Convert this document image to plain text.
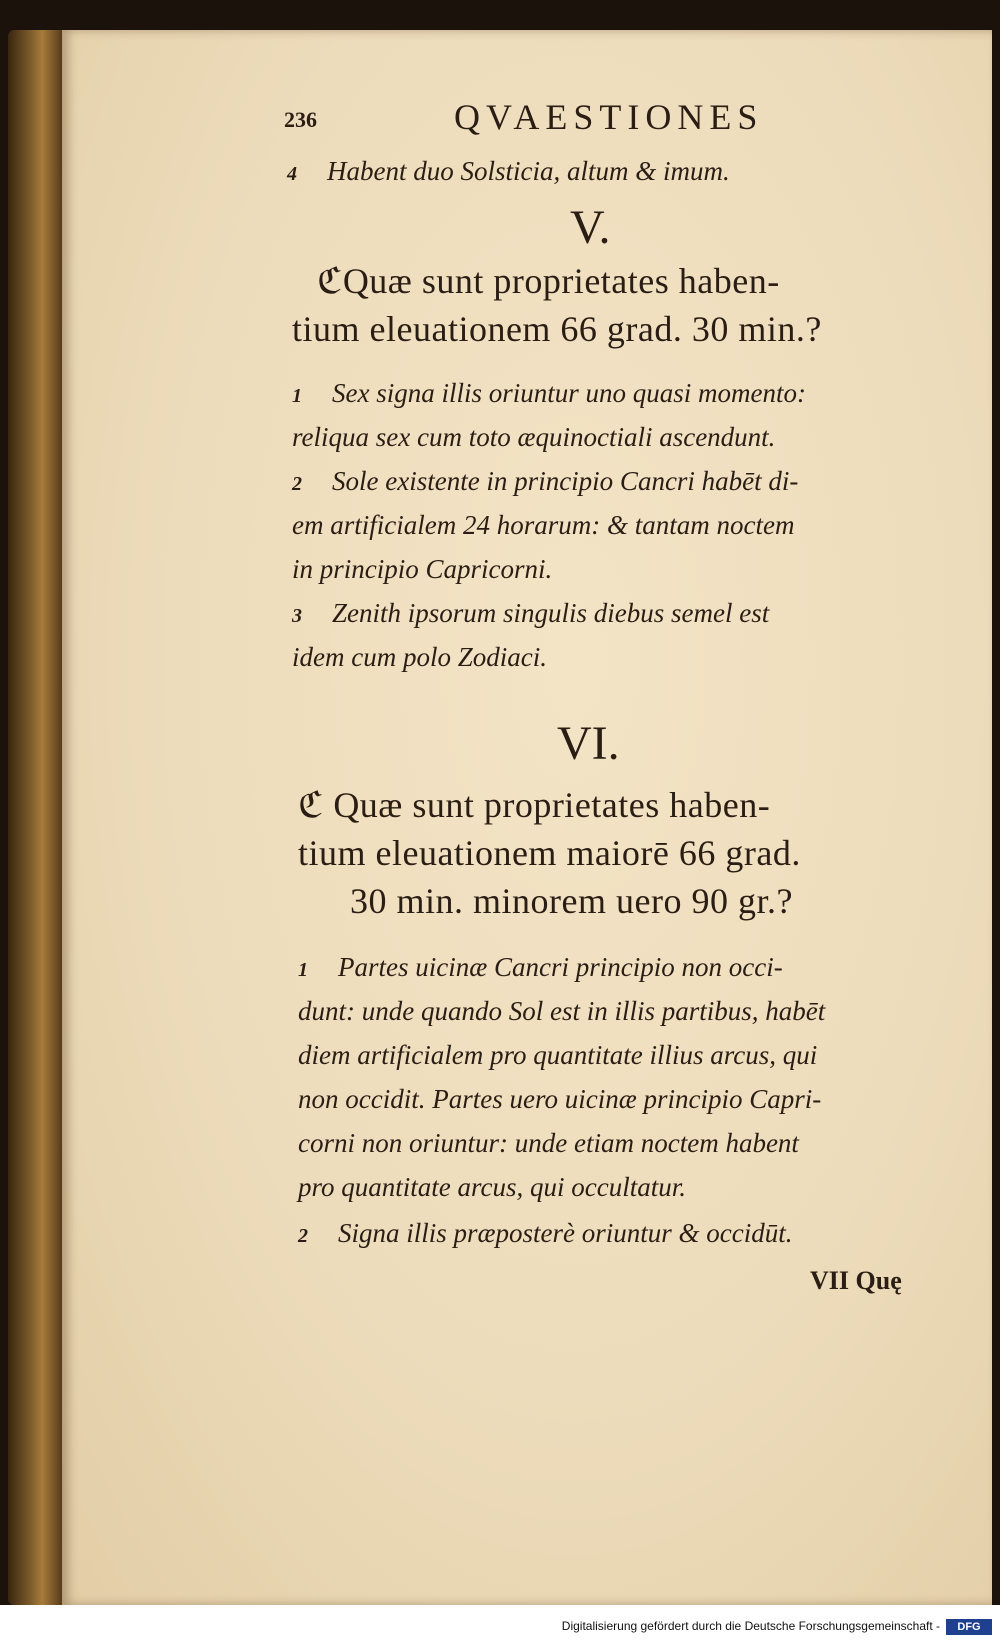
236	QVAESTIONES

4 Habent duo Solsticia, altum & imum.

V.

ℭQuæ sunt proprietates haben-

tium eleuationem 66 grad. 30 min.?

1 Sex signa illis oriuntur uno quasi momento:

reliqua sex cum toto æquinoctiali ascendunt.

2 Sole existente in principio Cancri habēt di-

em artificialem 24 horarum: & tantam noctem

in principio Capricorni.

3 Zenith ipsorum singulis diebus semel est

idem cum polo Zodiaci.

VI.

ℭ Quæ sunt proprietates haben-

tium eleuationem maiorē 66 grad.

30 min. minorem uero 90 gr.?

1 Partes uicinæ Cancri principio non occi-

dunt: unde quando Sol est in illis partibus, habēt

diem artificialem pro quantitate illius arcus, qui

non occidit. Partes uero uicinæ principio Capri-

corni non oriuntur: unde etiam noctem habent

pro quantitate arcus, qui occultatur.

2 Signa illis præposterè oriuntur & occidūt.

VII Quę

Digitalisierung gefördert durch die Deutsche Forschungsgemeinschaft -	DFG
